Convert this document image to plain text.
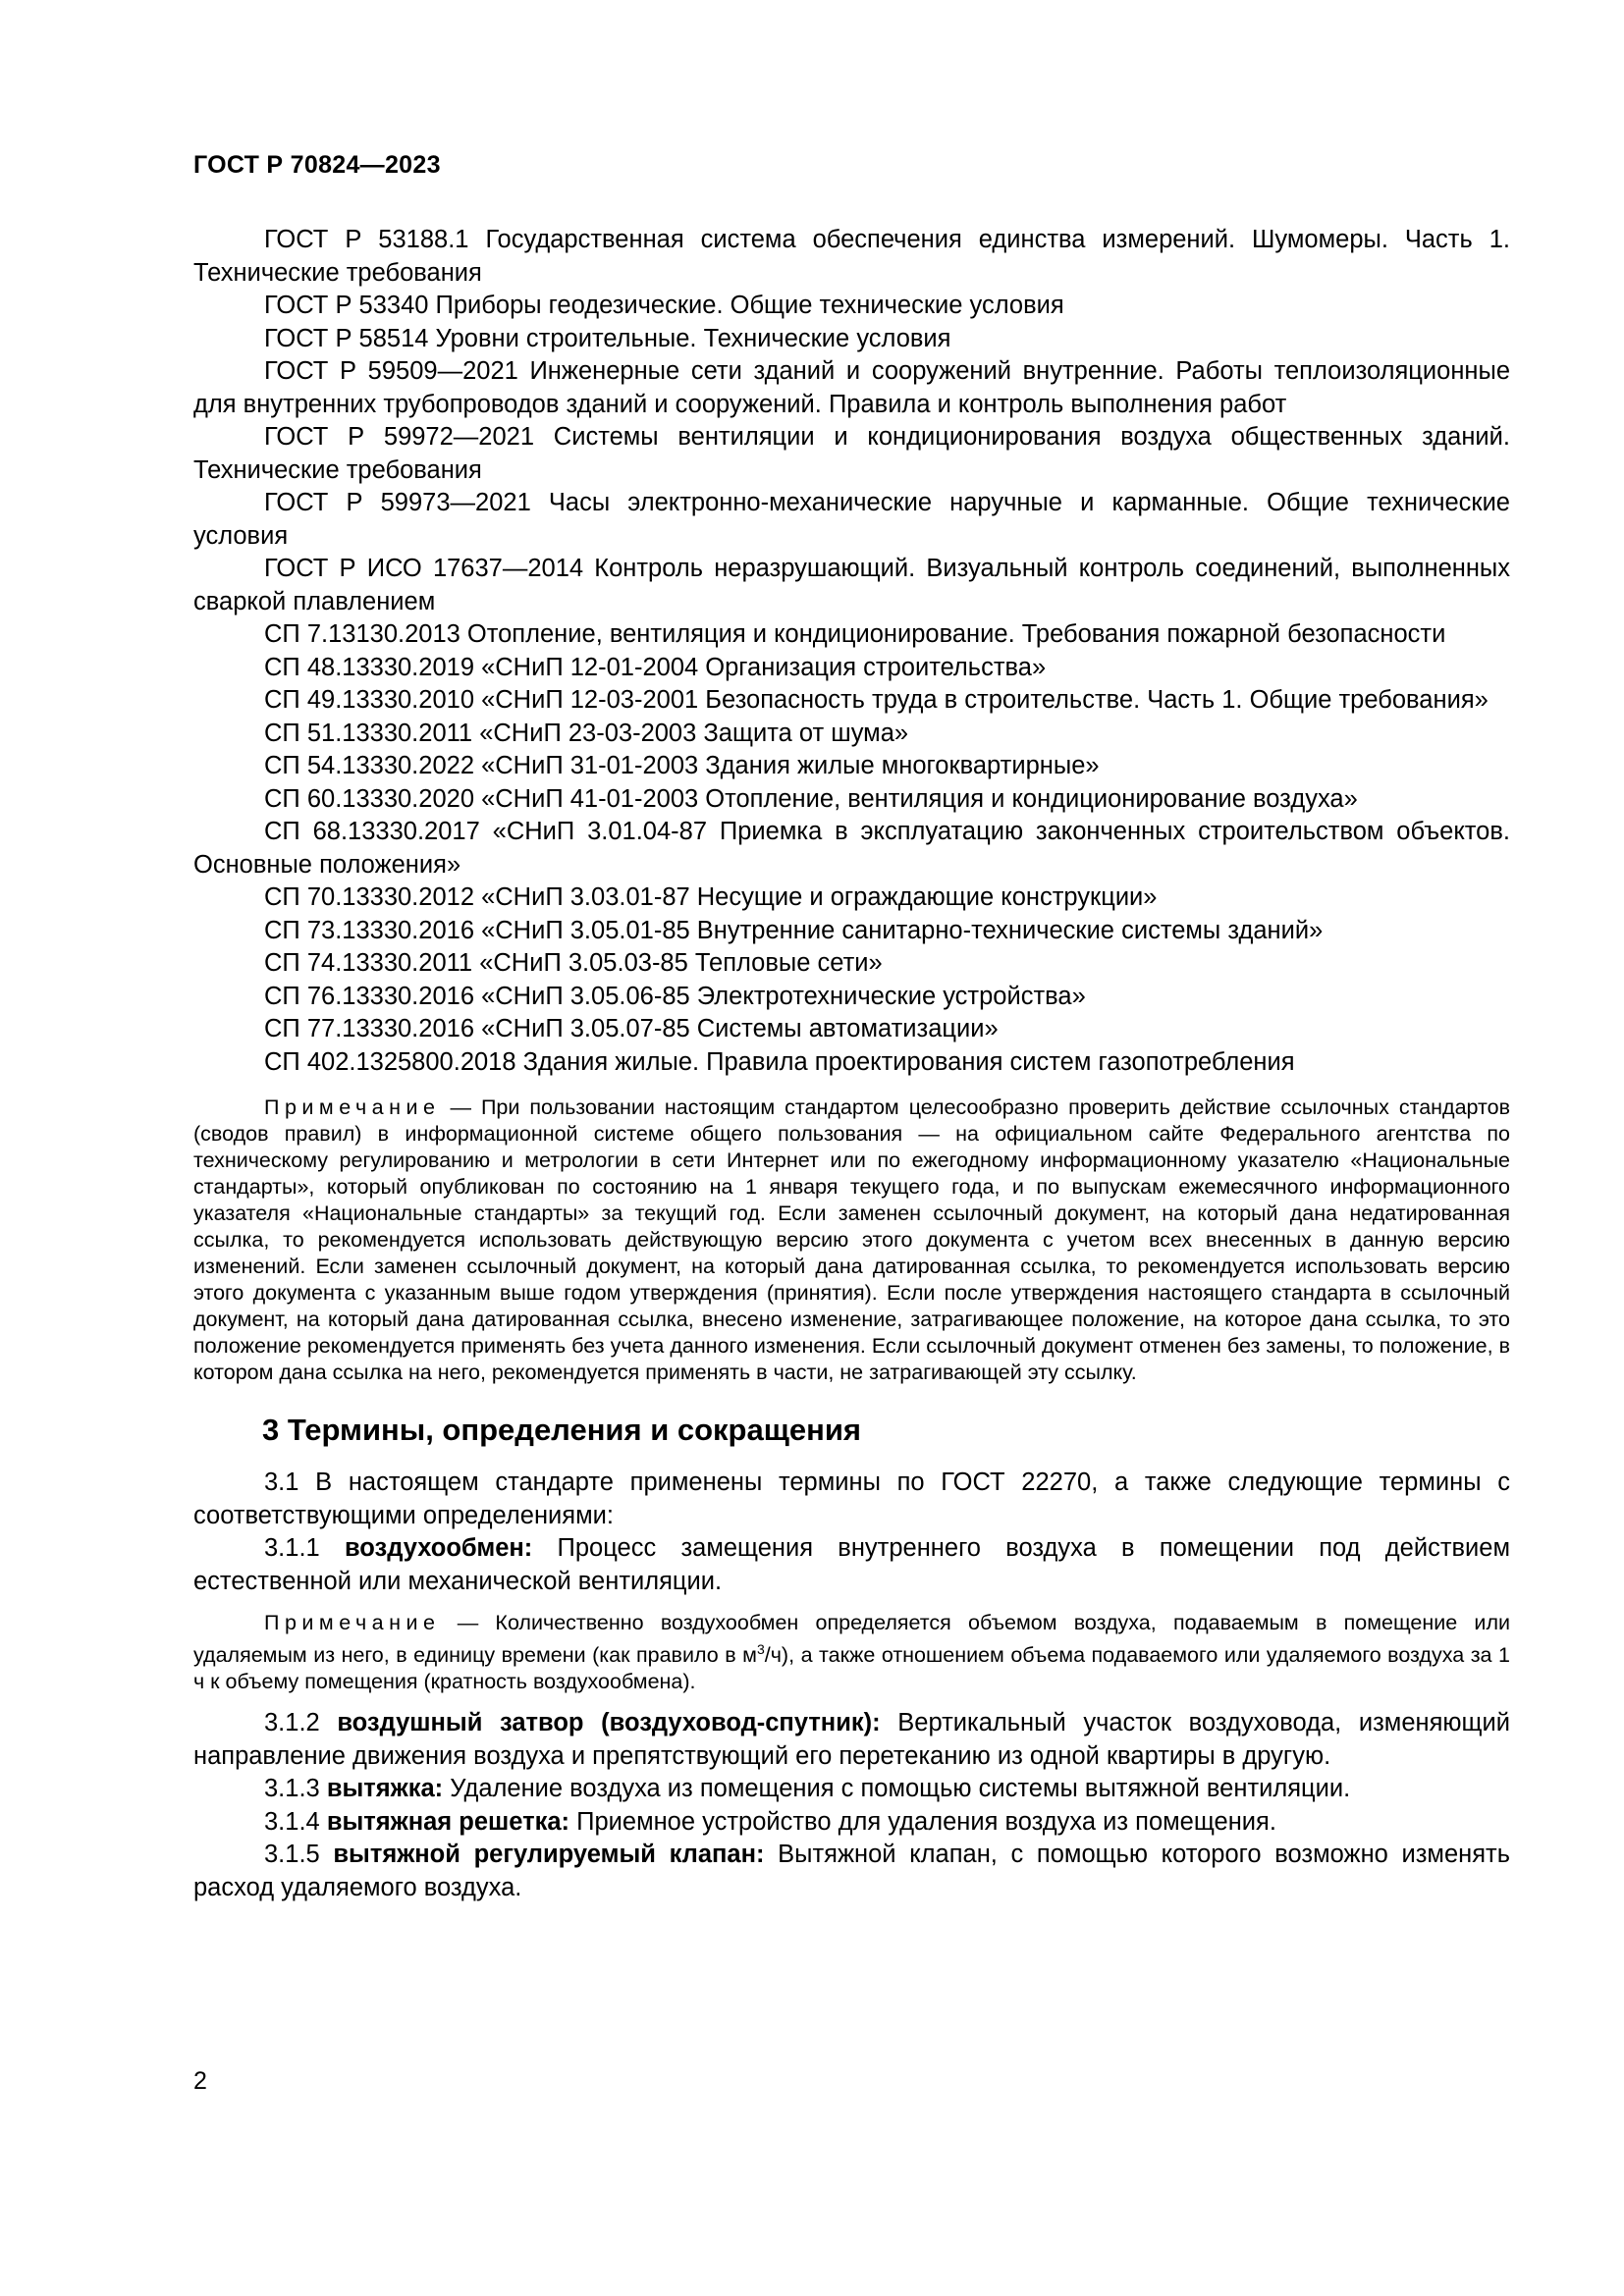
ГОСТ Р 70824—2023

ГОСТ Р 53188.1 Государственная система обеспечения единства измерений. Шумомеры. Часть 1. Технические требования

ГОСТ Р 53340 Приборы геодезические. Общие технические условия

ГОСТ Р 58514 Уровни строительные. Технические условия

ГОСТ Р 59509—2021 Инженерные сети зданий и сооружений внутренние. Работы теплоизоляционные для внутренних трубопроводов зданий и сооружений. Правила и контроль выполнения работ

ГОСТ Р 59972—2021 Системы вентиляции и кондиционирования воздуха общественных зданий. Технические требования

ГОСТ Р 59973—2021 Часы электронно-механические наручные и карманные. Общие технические условия

ГОСТ Р ИСО 17637—2014 Контроль неразрушающий. Визуальный контроль соединений, выполненных сваркой плавлением

СП 7.13130.2013 Отопление, вентиляция и кондиционирование. Требования пожарной безопасности

СП 48.13330.2019 «СНиП 12-01-2004 Организация строительства»

СП 49.13330.2010 «СНиП 12-03-2001 Безопасность труда в строительстве. Часть 1. Общие требования»

СП 51.13330.2011 «СНиП 23-03-2003 Защита от шума»

СП 54.13330.2022 «СНиП 31-01-2003 Здания жилые многоквартирные»

СП 60.13330.2020 «СНиП 41-01-2003 Отопление, вентиляция и кондиционирование воздуха»

СП 68.13330.2017 «СНиП 3.01.04-87 Приемка в эксплуатацию законченных строительством объектов. Основные положения»

СП 70.13330.2012 «СНиП 3.03.01-87 Несущие и ограждающие конструкции»

СП 73.13330.2016 «СНиП 3.05.01-85 Внутренние санитарно-технические системы зданий»

СП 74.13330.2011 «СНиП 3.05.03-85 Тепловые сети»

СП 76.13330.2016 «СНиП 3.05.06-85 Электротехнические устройства»

СП 77.13330.2016 «СНиП 3.05.07-85 Системы автоматизации»

СП 402.1325800.2018 Здания жилые. Правила проектирования систем газопотребления

Примечание — При пользовании настоящим стандартом целесообразно проверить действие ссылочных стандартов (сводов правил) в информационной системе общего пользования — на официальном сайте Федерального агентства по техническому регулированию и метрологии в сети Интернет или по ежегодному информационному указателю «Национальные стандарты», который опубликован по состоянию на 1 января текущего года, и по выпускам ежемесячного информационного указателя «Национальные стандарты» за текущий год. Если заменен ссылочный документ, на который дана недатированная ссылка, то рекомендуется использовать действующую версию этого документа с учетом всех внесенных в данную версию изменений. Если заменен ссылочный документ, на который дана датированная ссылка, то рекомендуется использовать версию этого документа с указанным выше годом утверждения (принятия). Если после утверждения настоящего стандарта в ссылочный документ, на который дана датированная ссылка, внесено изменение, затрагивающее положение, на которое дана ссылка, то это положение рекомендуется применять без учета данного изменения. Если ссылочный документ отменен без замены, то положение, в котором дана ссылка на него, рекомендуется применять в части, не затрагивающей эту ссылку.

3 Термины, определения и сокращения

3.1 В настоящем стандарте применены термины по ГОСТ 22270, а также следующие термины с соответствующими определениями:

3.1.1 воздухообмен: Процесс замещения внутреннего воздуха в помещении под действием естественной или механической вентиляции.

Примечание — Количественно воздухообмен определяется объемом воздуха, подаваемым в помещение или удаляемым из него, в единицу времени (как правило в $м^3/ч$), а также отношением объема подаваемого или удаляемого воздуха за 1 ч к объему помещения (кратность воздухообмена).

3.1.2 воздушный затвор (воздуховод-спутник): Вертикальный участок воздуховода, изменяющий направление движения воздуха и препятствующий его перетеканию из одной квартиры в другую.

3.1.3 вытяжка: Удаление воздуха из помещения с помощью системы вытяжной вентиляции.

3.1.4 вытяжная решетка: Приемное устройство для удаления воздуха из помещения.

3.1.5 вытяжной регулируемый клапан: Вытяжной клапан, с помощью которого возможно изменять расход удаляемого воздуха.

2
